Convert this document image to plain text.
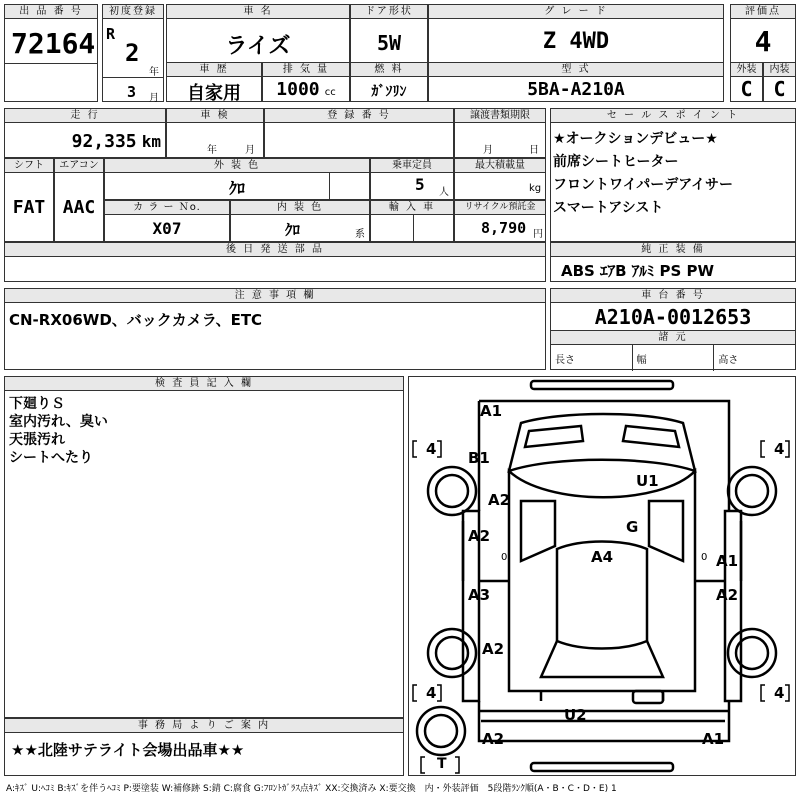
出 品 番 号
72164
初度登録
R
2
年
3 月
車 名
ライズ
ドア形状
5W
グ レ ー ド
Z 4WD
評価点
4
車 歴
自家用
排 気 量
1000 cc
燃 料
ｶﾞｿﾘﾝ
型 式
5BA-A210A
外装
C
内装
C
走 行
92,335 km
車 検
年	月
登 録 番 号	譲渡書類期限
月	日
シフト
FAT
エアコン
AAC
外 装 色
ｸﾛ
乗車定員
5 人
最大積載量
kg
カ ラ ー Ｎo.
X07
内 装 色
ｸﾛ	系
輸 入 車	リサイクル預託金
8,790 円
後 日 発 送 部 品
セ ー ル ス ポ イ ン ト
★オークションデビュー★
前席シートヒーター
フロントワイパーデアイサー
スマートアシスト
純 正 装 備
ABS ｴｱB ｱﾙﾐ PS PW
注 意 事 項 欄
CN-RX06WD、バックカメラ、ETC
車 台 番 号
A210A-0012653
諸 元
長さ	幅	高さ
検 査 員 記 入 欄
下廻りＳ
室内汚れ、臭い
天張汚れ
シートへたり
事 務 局 よ り ご 案 内
★★北陸サテライト会場出品車★★
A1
B1
A2
U1
G
A2
A4	A1
A3	A2
A2
U2
A2	A1
4	4
4	4
T
0	0
A:ｷｽﾞ U:ﾍｺﾐ B:ｷｽﾞを伴うﾍｺﾐ P:要塗装 W:補修跡 S:錆 C:腐食 G:ﾌﾛﾝﾄｶﾞﾗｽ点ｷｽﾞ XX:交換済み X:要交換　内・外装評価　5段階ﾗﾝｸ順(A・B・C・D・E) 1
